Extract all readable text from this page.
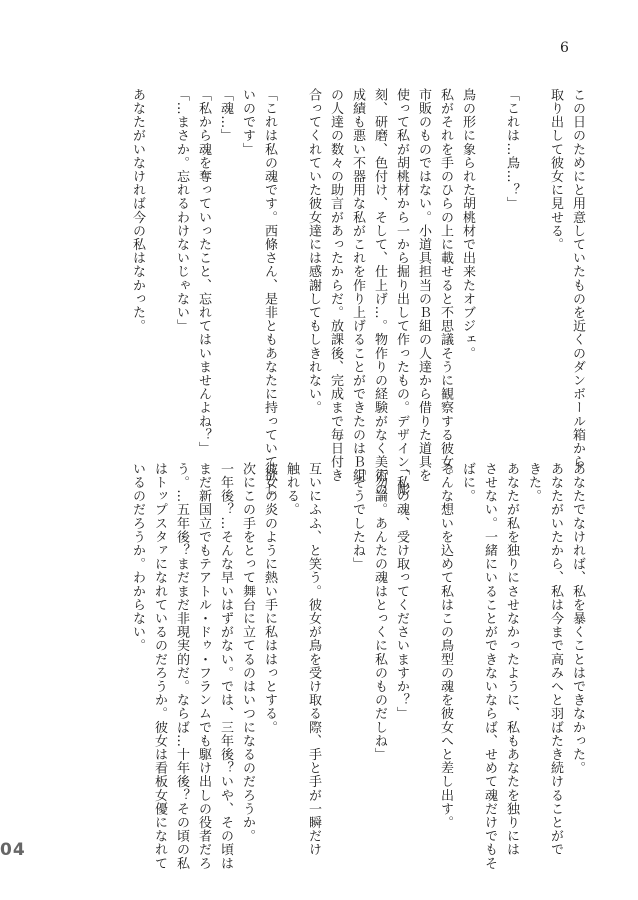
6

この日のためにと用意していたものを近くのダンボール箱から

取り出して彼女に見せる。

「これは…鳥…？」

鳥の形に象られた胡桃材で出来たオブジェ。

私がそれを手のひらの上に載せると不思議そうに観察する彼女。

市販のものではない。小道具担当のＢ組の人達から借りた道具を

使って私が胡桃材から一から掘り出して作ったもの。デザイン、彫

刻、研磨、色付け、そして、仕上げ…。物作りの経験がなく美術の

成績も悪い不器用な私がこれを作り上げることができたのはＢ組

の人達の数々の助言があったからだ。放課後、完成まで毎日付き

合ってくれていた彼女達には感謝してもしきれない。

「これは私の魂です。西條さん、是非ともあなたに持っていて欲し

いのです」

「魂…」

「私から魂を奪っていったこと、忘れてはいませんよね？」

「…まさか。忘れるわけないじゃない」

あなたがいなければ今の私はなかった。

あなたでなければ、私を暴くことはできなかった。

あなたがいたから、私は今まで高みへと羽ばたき続けることがで

きた。

あなたが私を独りにさせなかったように、私もあなたを独りには

させない。一緒にいることができないならば、せめて魂だけでもそ

ばに。

そんな想いを込めて私はこの鳥型の魂を彼女へと差し出す。

「私の魂、受け取ってくださいますか？」

「勿論。あんたの魂はとっくに私のものだしね」

「そうでしたね」

互いにふふ、と笑う。彼女が鳥を受け取る際、手と手が一瞬だけ

触れる。

彼女の炎のように熱い手に私ははっとする。

次にこの手をとって舞台に立てるのはいつになるのだろうか。

一年後？…そんな早いはずがない。では、三年後？いや、その頃は

まだ新国立でもテアトル・ドゥ・フランムでも駆け出しの役者だろ

う。…五年後？まだまだ非現実的だ。ならば…十年後？その頃の私

はトップスタァになれているのだろうか。彼女は看板女優になれて

いるのだろうか。わからない。

04
